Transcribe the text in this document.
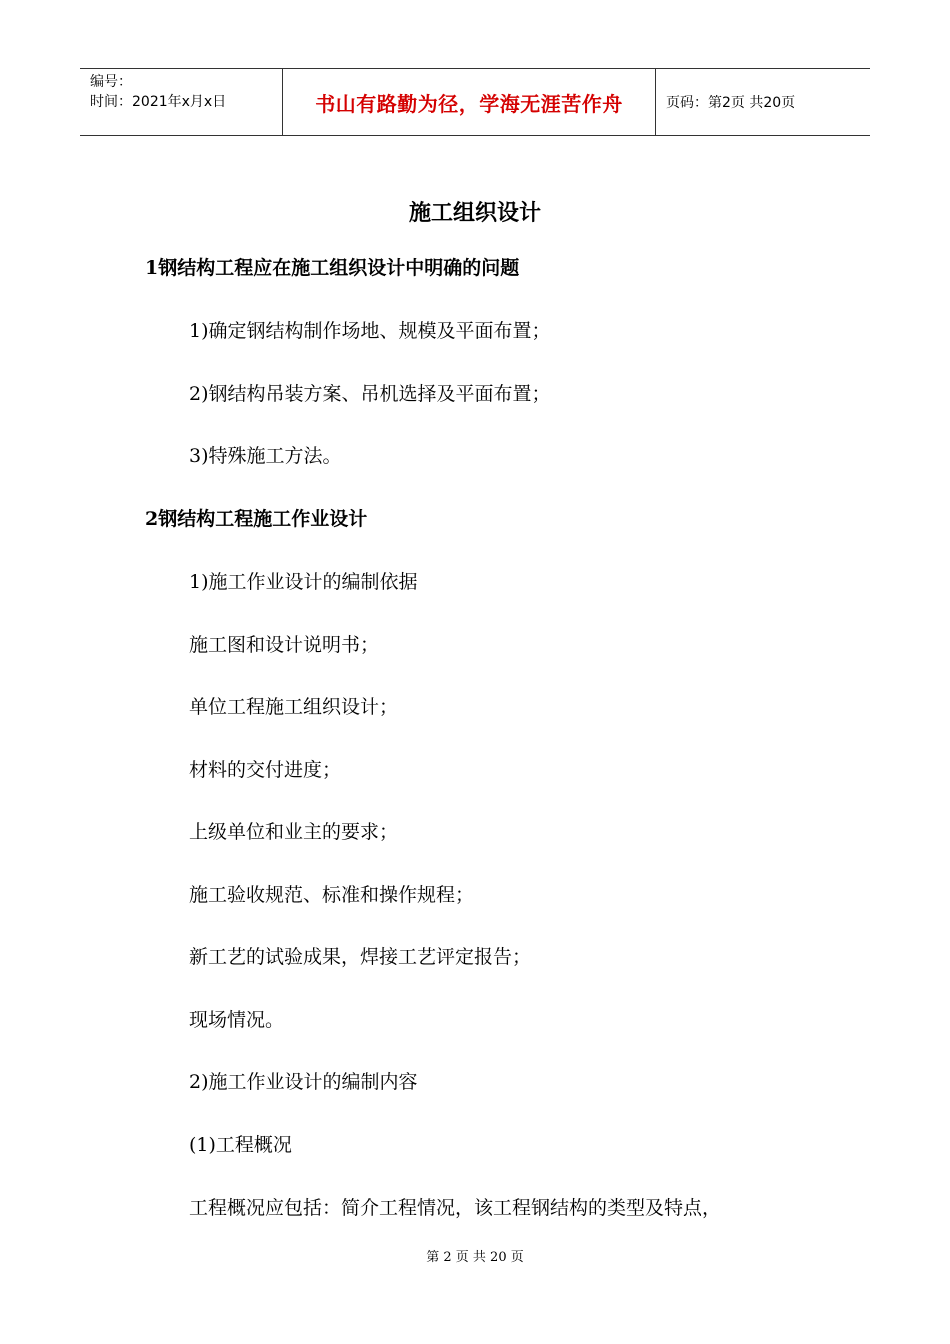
编号：
时间：2021年x月x日	书山有路勤为径，学海无涯苦作舟	页码：第2页 共20页
施工组织设计
1钢结构工程应在施工组织设计中明确的问题
1)确定钢结构制作场地、规模及平面布置；
2)钢结构吊装方案、吊机选择及平面布置；
3)特殊施工方法。
2钢结构工程施工作业设计
1)施工作业设计的编制依据
施工图和设计说明书；
单位工程施工组织设计；
材料的交付进度；
上级单位和业主的要求；
施工验收规范、标准和操作规程；
新工艺的试验成果，焊接工艺评定报告；
现场情况。
2)施工作业设计的编制内容
(1)工程概况
工程概况应包括：简介工程情况，该工程钢结构的类型及特点，
第 2 页 共 20 页
